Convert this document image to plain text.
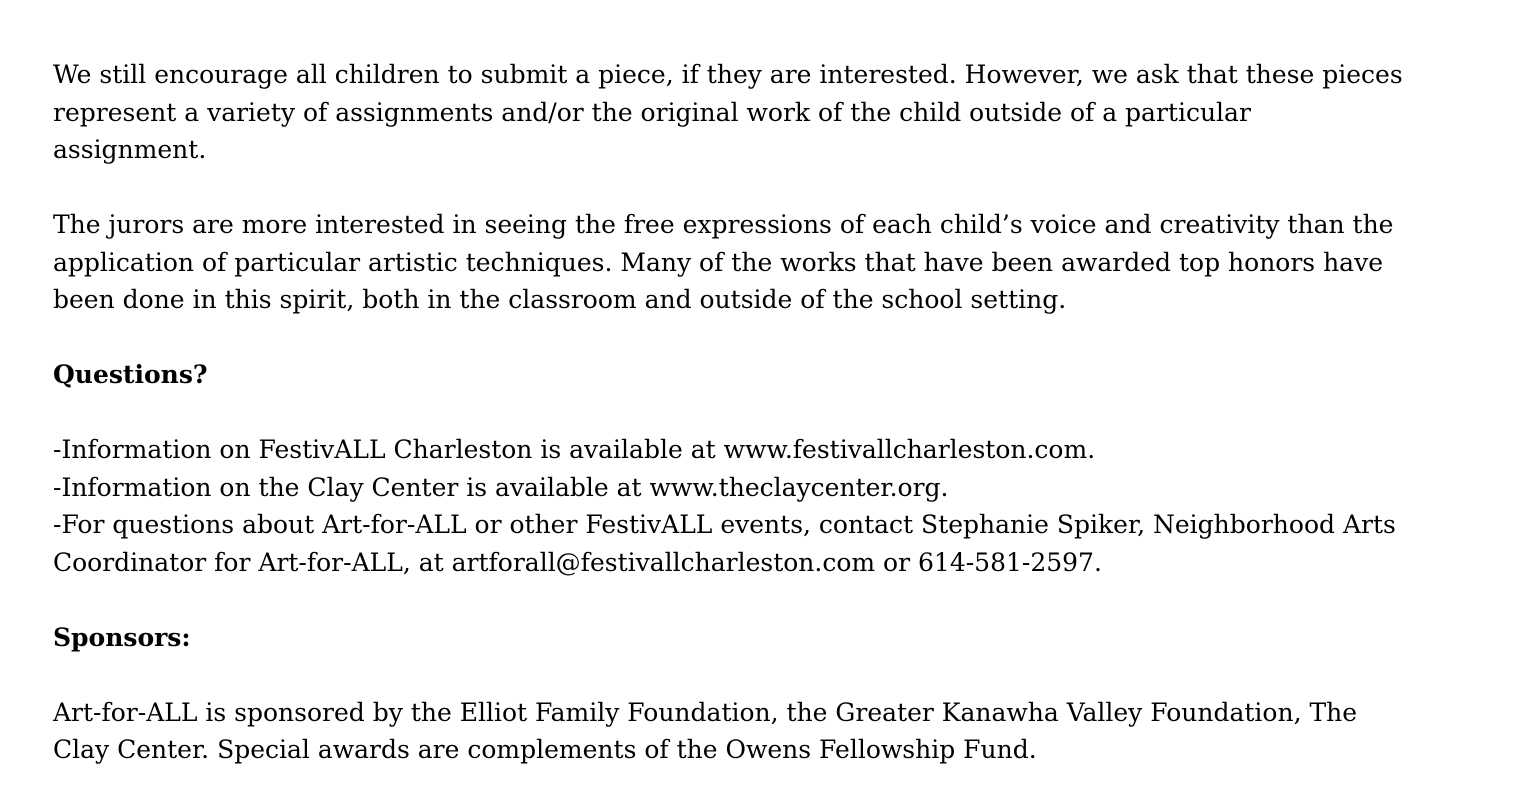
We still encourage all children to submit a piece, if they are interested. However, we ask that these pieces
represent a variety of assignments and/or the original work of the child outside of a particular
assignment.
The jurors are more interested in seeing the free expressions of each child’s voice and creativity than the
application of particular artistic techniques. Many of the works that have been awarded top honors have
been done in this spirit, both in the classroom and outside of the school setting.
Questions?
-Information on FestivALL Charleston is available at www.festivallcharleston.com.
-Information on the Clay Center is available at www.theclaycenter.org.
-For questions about Art-for-ALL or other FestivALL events, contact Stephanie Spiker, Neighborhood Arts
Coordinator for Art-for-ALL, at artforall@festivallcharleston.com or 614-581-2597.
Sponsors:
Art-for-ALL is sponsored by the Elliot Family Foundation, the Greater Kanawha Valley Foundation, The
Clay Center. Special awards are complements of the Owens Fellowship Fund.
